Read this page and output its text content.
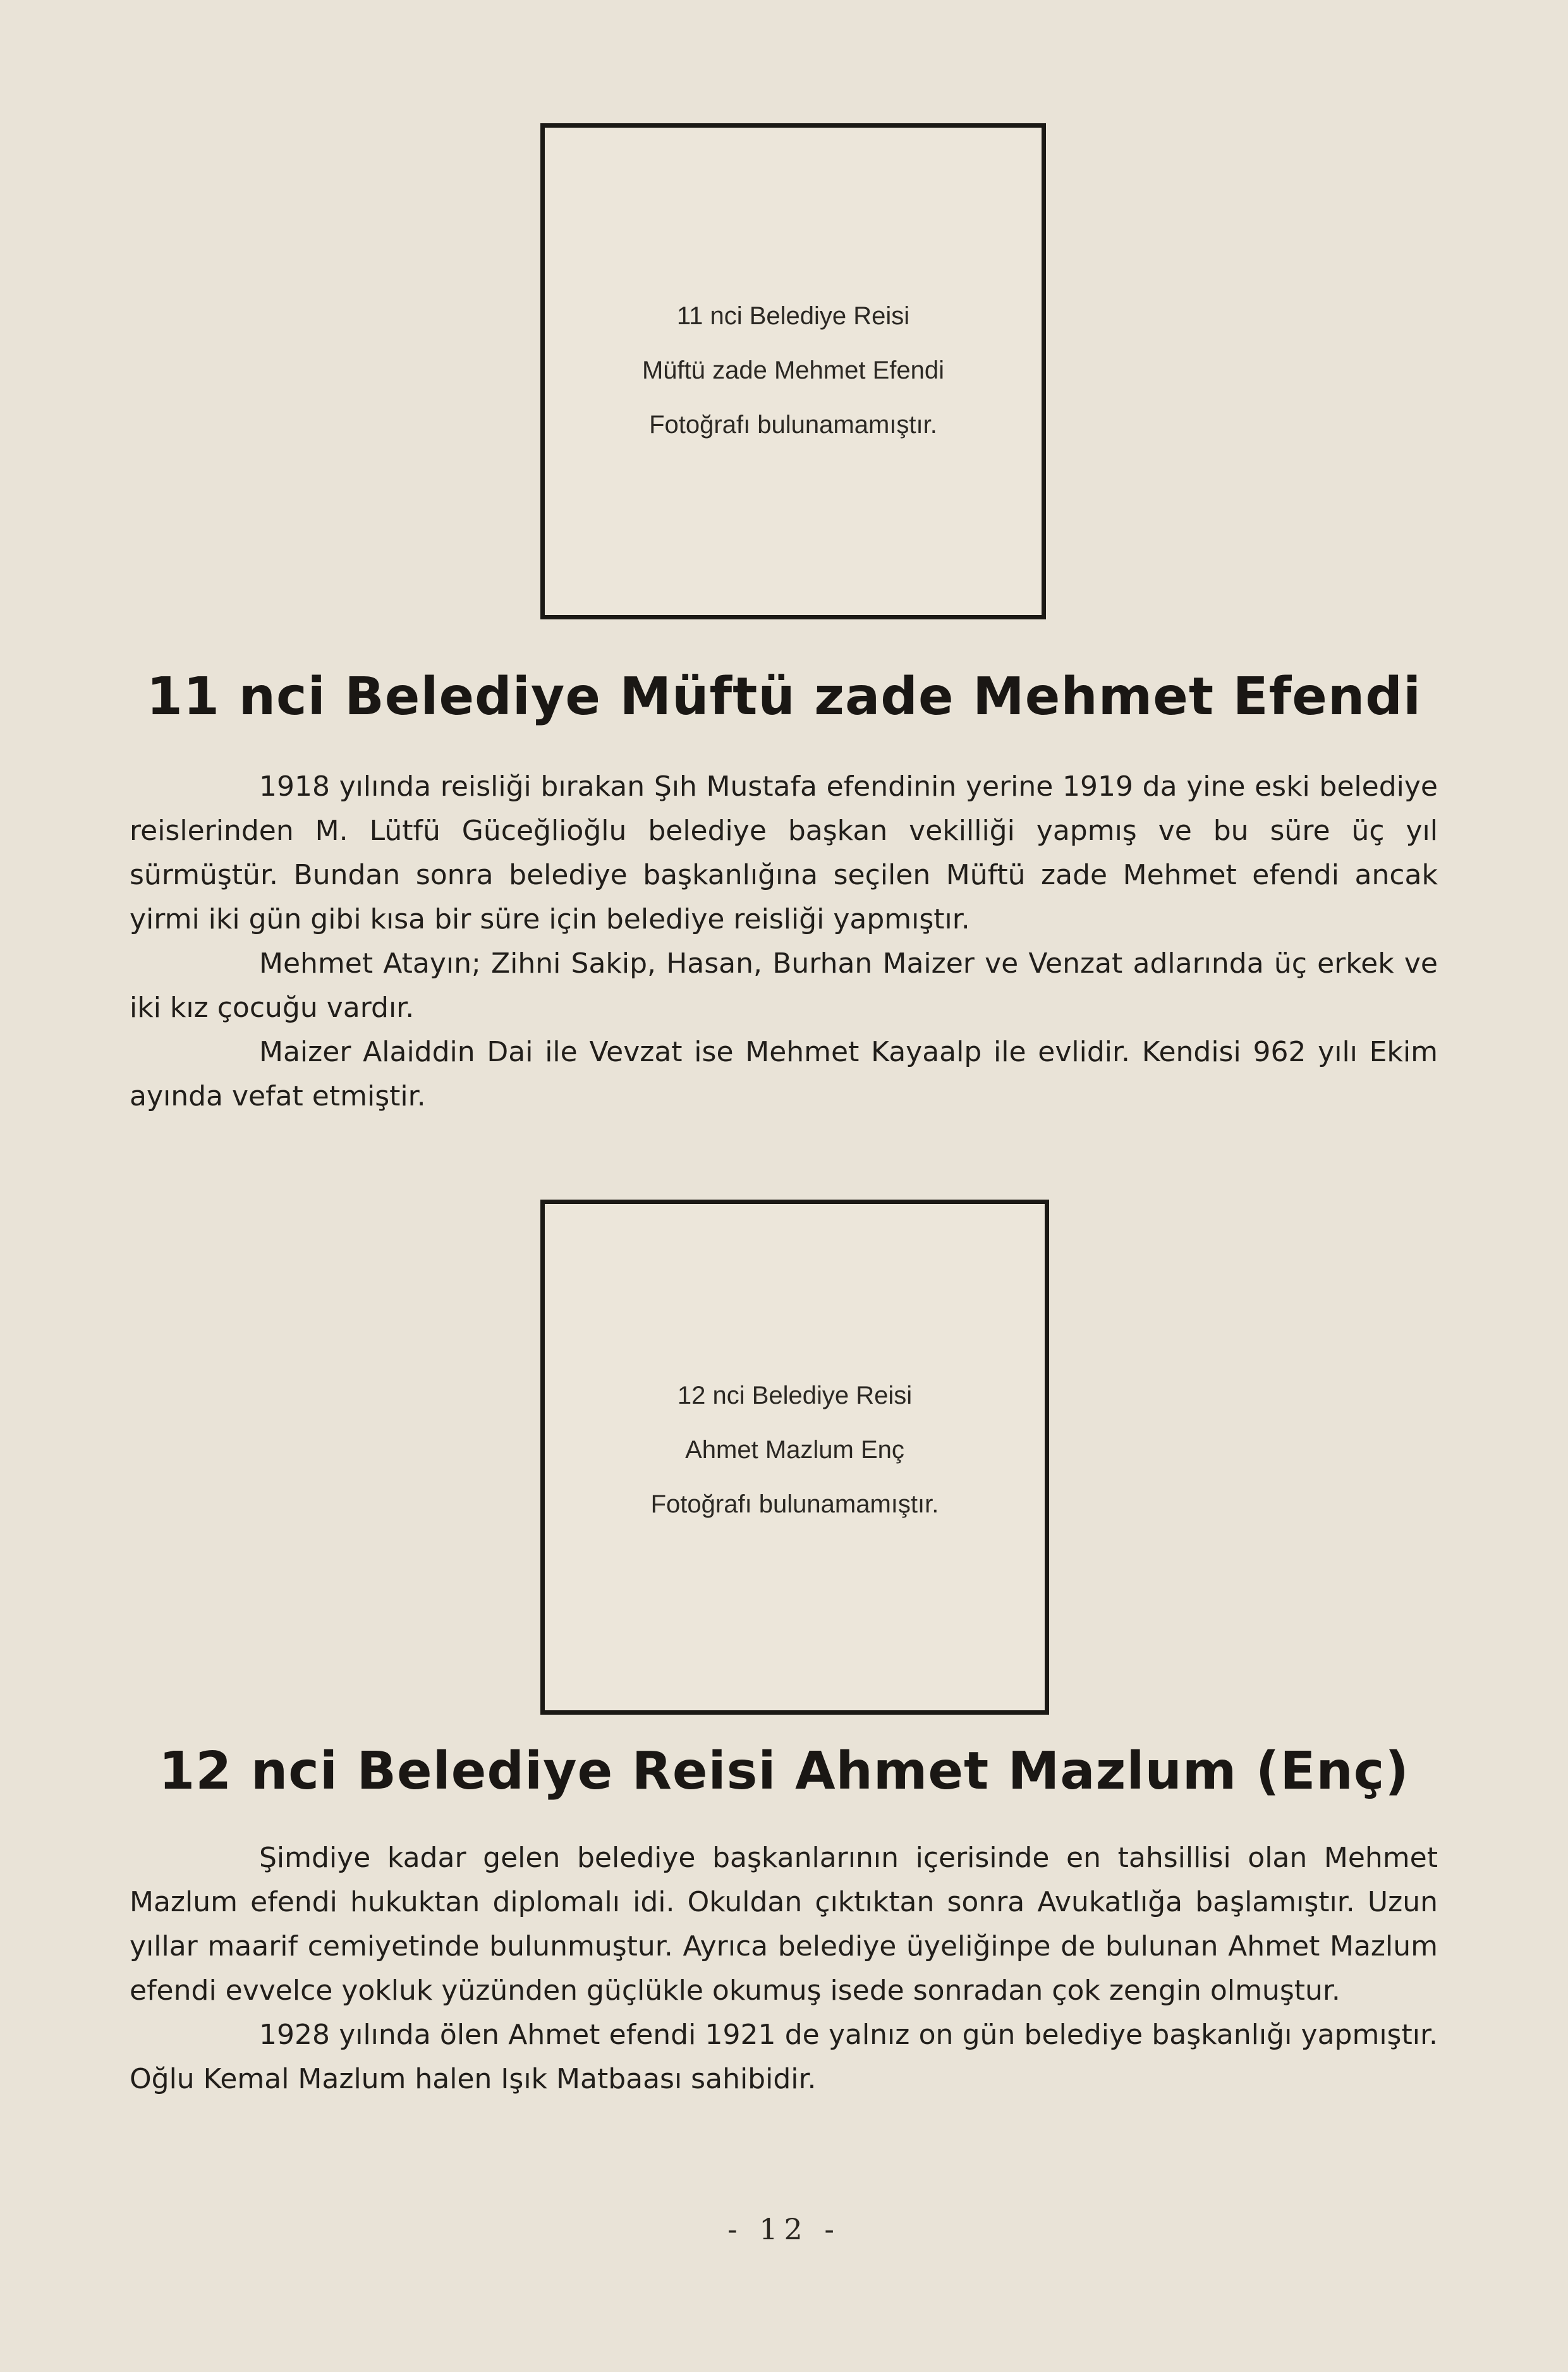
11 nci Belediye Reisi
Müftü zade Mehmet Efendi
Fotoğrafı bulunamamıştır.
11 nci Belediye Müftü zade Mehmet Efendi

1918 yılında reisliği bırakan Şıh Mustafa efendinin yerine 1919 da yine eski belediye reislerinden M. Lütfü Güceğlioğlu belediye başkan vekilliği yapmış ve bu süre üç yıl sürmüştür. Bundan sonra belediye başkanlığına seçilen Müftü zade Mehmet efendi ancak yirmi iki gün gibi kısa bir süre için belediye reisliği yapmıştır.

Mehmet Atayın; Zihni Sakip, Hasan, Burhan Maizer ve Venzat adlarında üç erkek ve iki kız çocuğu vardır.

Maizer Alaiddin Dai ile Vevzat ise Mehmet Kayaalp ile evlidir. Kendisi 962 yılı Ekim ayında vefat etmiştir.

12 nci Belediye Reisi
Ahmet Mazlum Enç
Fotoğrafı bulunamamıştır.
12 nci Belediye Reisi Ahmet Mazlum (Enç)

Şimdiye kadar gelen belediye başkanlarının içerisinde en tahsillisi olan Mehmet Mazlum efendi hukuktan diplomalı idi. Okuldan çıktıktan sonra Avukatlığa başlamıştır. Uzun yıllar maarif cemiyetinde bulunmuştur. Ayrıca belediye üyeliğinpe de bulunan Ahmet Mazlum efendi evvelce yokluk yüzünden güçlükle okumuş isede sonradan çok zengin olmuştur.

1928 yılında ölen Ahmet efendi 1921 de yalnız on gün belediye başkanlığı yapmıştır. Oğlu Kemal Mazlum halen Işık Matbaası sahibidir.

- 12 -
